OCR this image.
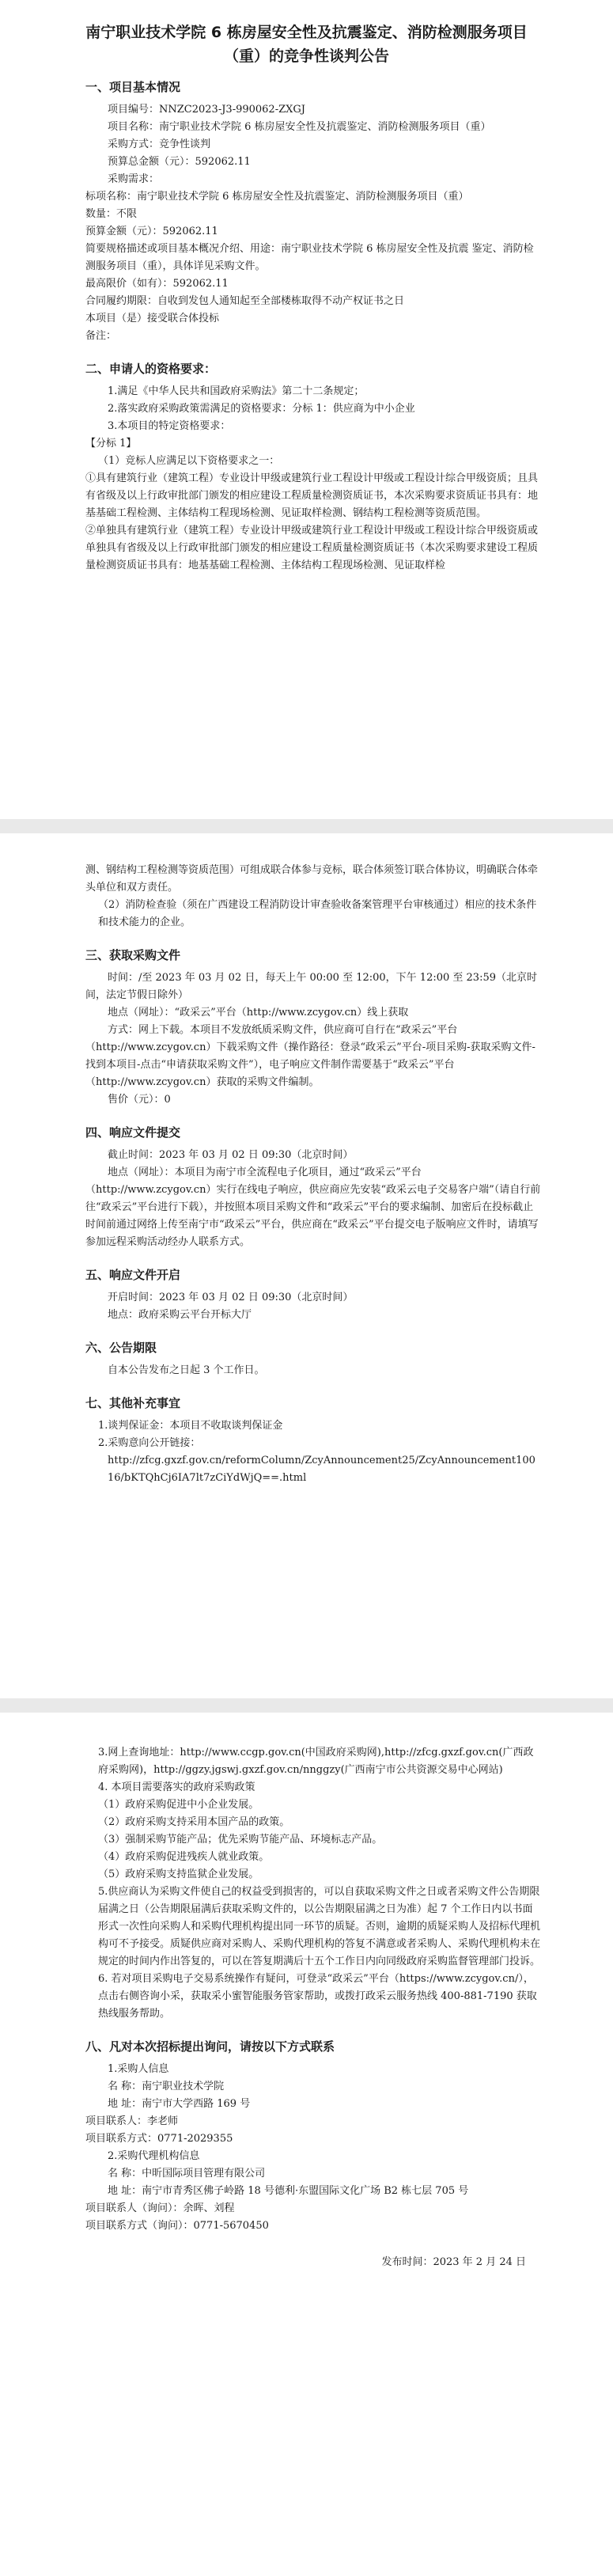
南宁职业技术学院 6 栋房屋安全性及抗震鉴定、消防检测服务项目（重）的竞争性谈判公告
一、项目基本情况

项目编号：NNZC2023-J3-990062-ZXGJ

项目名称：南宁职业技术学院 6 栋房屋安全性及抗震鉴定、消防检测服务项目（重）

采购方式：竞争性谈判

预算总金额（元）：592062.11

采购需求：

标项名称：南宁职业技术学院 6 栋房屋安全性及抗震鉴定、消防检测服务项目（重）

数量：不限

预算金额（元）：592062.11

简要规格描述或项目基本概况介绍、用途：南宁职业技术学院 6 栋房屋安全性及抗震 鉴定、消防检测服务项目（重），具体详见采购文件。

最高限价（如有）：592062.11

合同履约期限：自收到发包人通知起至全部楼栋取得不动产权证书之日

本项目（是）接受联合体投标

备注：

二、申请人的资格要求：

1.满足《中华人民共和国政府采购法》第二十二条规定；

2.落实政府采购政策需满足的资格要求：分标 1：供应商为中小企业

3.本项目的特定资格要求：

【分标 1】

（1）竞标人应满足以下资格要求之一：

①具有建筑行业（建筑工程）专业设计甲级或建筑行业工程设计甲级或工程设计综合甲级资质；且具有省级及以上行政审批部门颁发的相应建设工程质量检测资质证书，本次采购要求资质证书具有：地基基础工程检测、主体结构工程现场检测、见证取样检测、钢结构工程检测等资质范围。

②单独具有建筑行业（建筑工程）专业设计甲级或建筑行业工程设计甲级或工程设计综合甲级资质或单独具有省级及以上行政审批部门颁发的相应建设工程质量检测资质证书（本次采购要求建设工程质量检测资质证书具有：地基基础工程检测、主体结构工程现场检测、见证取样检

测、钢结构工程检测等资质范围）可组成联合体参与竞标，联合体须签订联合体协议，明确联合体牵头单位和双方责任。

（2）消防检查验（须在广西建设工程消防设计审查验收备案管理平台审核通过）相应的技术条件和技术能力的企业。

三、获取采购文件

时间：/至 2023 年 03 月 02 日，每天上午 00:00 至 12:00，下午 12:00 至 23:59（北京时间，法定节假日除外）

地点（网址）：“政采云”平台（http://www.zcygov.cn）线上获取

方式：网上下载。本项目不发放纸质采购文件，供应商可自行在“政采云”平台（http://www.zcygov.cn）下载采购文件（操作路径：登录“政采云”平台-项目采购-获取采购文件-找到本项目-点击“申请获取采购文件”），电子响应文件制作需要基于“政采云”平台（http://www.zcygov.cn）获取的采购文件编制。

售价（元）：0

四、响应文件提交

截止时间：2023 年 03 月 02 日 09:30（北京时间）

地点（网址）：本项目为南宁市全流程电子化项目，通过“政采云”平台（http://www.zcygov.cn）实行在线电子响应，供应商应先安装“政采云电子交易客户端”（请自行前往“政采云”平台进行下载），并按照本项目采购文件和“政采云”平台的要求编制、加密后在投标截止时间前通过网络上传至南宁市“政采云”平台，供应商在“政采云”平台提交电子版响应文件时，请填写参加远程采购活动经办人联系方式。

五、响应文件开启

开启时间：2023 年 03 月 02 日 09:30（北京时间）

地点：政府采购云平台开标大厅

六、公告期限

自本公告发布之日起 3 个工作日。

七、其他补充事宜

1.谈判保证金：本项目不收取谈判保证金

2.采购意向公开链接：

http://zfcg.gxzf.gov.cn/reformColumn/ZcyAnnouncement25/ZcyAnnouncement10016/bKTQhCj6IA7lt7zCiYdWjQ==.html

3.网上查询地址：http://www.ccgp.gov.cn(中国政府采购网),http://zfcg.gxzf.gov.cn(广西政府采购网)，http://ggzy.jgswj.gxzf.gov.cn/nnggzy(广西南宁市公共资源交易中心网站)

4. 本项目需要落实的政府采购政策

（1）政府采购促进中小企业发展。

（2）政府采购支持采用本国产品的政策。

（3）强制采购节能产品；优先采购节能产品、环境标志产品。

（4）政府采购促进残疾人就业政策。

（5）政府采购支持监狱企业发展。

5.供应商认为采购文件使自己的权益受到损害的，可以自获取采购文件之日或者采购文件公告期限届满之日（公告期限届满后获取采购文件的，以公告期限届满之日为准）起 7 个工作日内以书面形式一次性向采购人和采购代理机构提出同一环节的质疑。否则，逾期的质疑采购人及招标代理机构可不予接受。质疑供应商对采购人、采购代理机构的答复不满意或者采购人、采购代理机构未在规定的时间内作出答复的，可以在答复期满后十五个工作日内向同级政府采购监督管理部门投诉。

6. 若对项目采购电子交易系统操作有疑问，可登录“政采云”平台（https://www.zcygov.cn/），点击右侧咨询小采，获取采小蜜智能服务管家帮助，或拨打政采云服务热线 400-881-7190 获取热线服务帮助。

八、凡对本次招标提出询问，请按以下方式联系

1.采购人信息

名 称：南宁职业技术学院

地 址：南宁市大学西路 169 号

项目联系人：李老师

项目联系方式：0771-2029355

2.采购代理机构信息

名 称：中昕国际项目管理有限公司

地 址：南宁市青秀区佛子岭路 18 号德利·东盟国际文化广场 B2 栋七层 705 号

项目联系人（询问）：余晖、刘程

项目联系方式（询问）：0771-5670450

发布时间：2023 年 2 月 24 日
